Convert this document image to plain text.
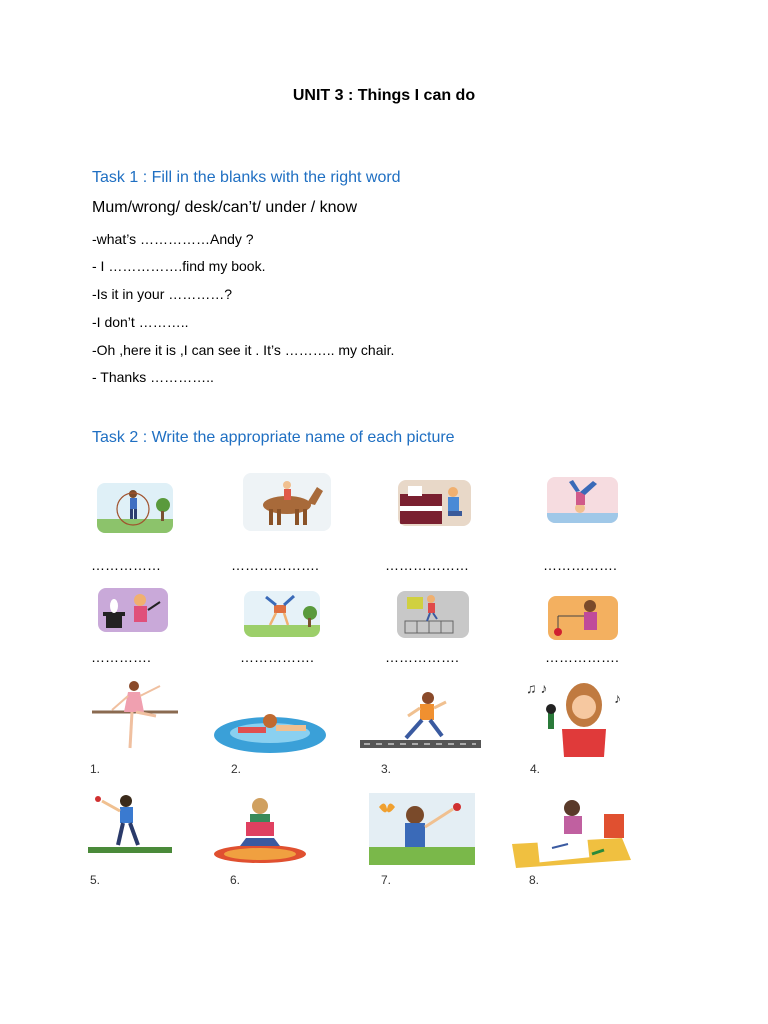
UNIT 3 : Things I can do
Task 1 : Fill in the blanks with the right word
Mum/wrong/ desk/can’t/ under / know
-what’s ……………Andy ?
- I …………….find my book.
-Is it in your …………?
-I don’t ………..
-Oh ,here it is ,I can see it . It’s ……….. my chair.
- Thanks …………..
Task 2 : Write the appropriate name of each picture
……………	……………….	………………	…………….
………….	…………….	…………….	…………….
♫ ♪
♪
1.	2.	3.	4.
5.	6.	7.	8.
